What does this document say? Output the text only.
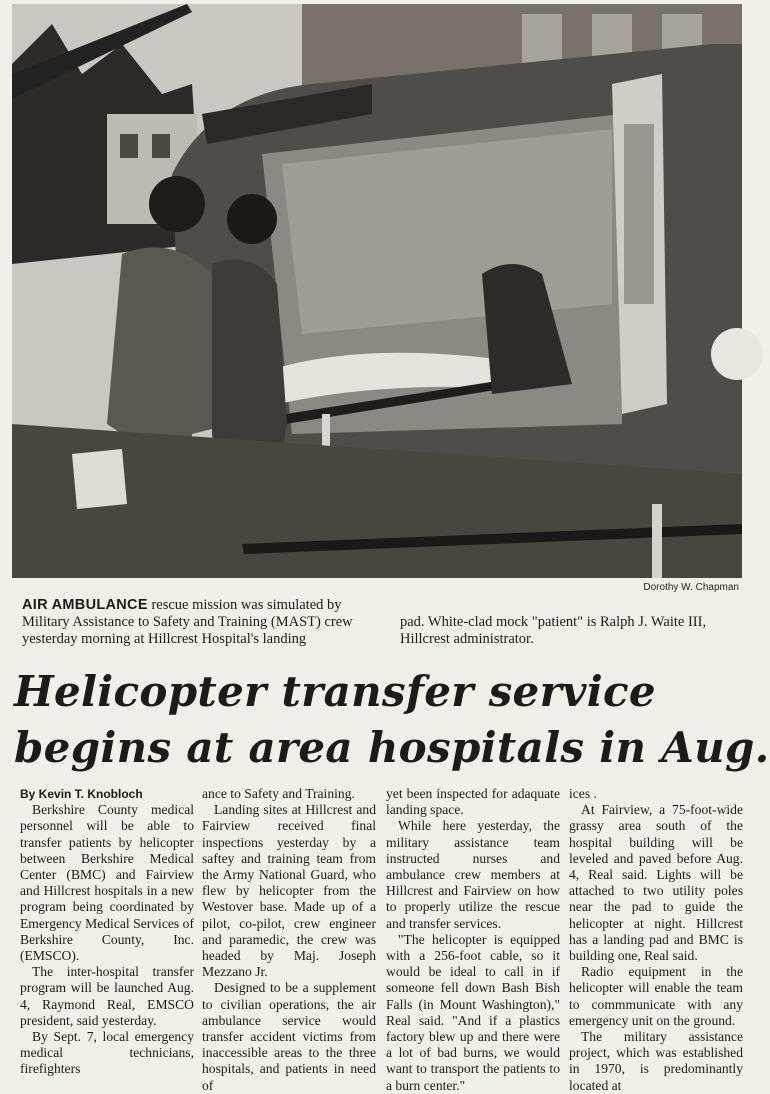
Dorothy W. Chapman
AIR AMBULANCE rescue mission was simulated by Military Assistance to Safety and Training (MAST) crew yesterday morning at Hillcrest Hospital's landing
pad. White-clad mock "patient" is Ralph J. Waite III, Hillcrest administrator.
Helicopter transfer service
begins at area hospitals in Aug.

By Kevin T. Knobloch

Berkshire County medical personnel will be able to transfer patients by helicopter between Berkshire Medical Center (BMC) and Fairview and Hillcrest hospitals in a new program being coordinated by Emergency Medical Services of Berkshire County, Inc. (EMSCO).

The inter-hospital transfer program will be launched Aug. 4, Raymond Real, EMSCO president, said yesterday.

By Sept. 7, local emergency medical technicians, firefighters

ance to Safety and Training.

Landing sites at Hillcrest and Fairview received final inspections yesterday by a saftey and training team from the Army National Guard, who flew by helicopter from the Westover base. Made up of a pilot, co-pilot, crew engineer and paramedic, the crew was headed by Maj. Joseph Mezzano Jr.

Designed to be a supplement to civilian operations, the air ambulance service would transfer accident victims from inaccessible areas to the three hospitals, and patients in need of

yet been inspected for adaquate landing space.

While here yesterday, the military assistance team instructed nurses and ambulance crew members at Hillcrest and Fairview on how to properly utilize the rescue and transfer services.

"The helicopter is equipped with a 256-foot cable, so it would be ideal to call in if someone fell down Bash Bish Falls (in Mount Washington)," Real said. "And if a plastics factory blew up and there were a lot of bad burns, we would want to transport the patients to a burn center."

ices .

At Fairview, a 75-foot-wide grassy area south of the hospital building will be leveled and paved before Aug. 4, Real said. Lights will be attached to two utility poles near the pad to guide the helicopter at night. Hillcrest has a landing pad and BMC is building one, Real said.

Radio equipment in the helicopter will enable the team to commmunicate with any emergency unit on the ground.

The military assistance project, which was established in 1970, is predominantly located at
